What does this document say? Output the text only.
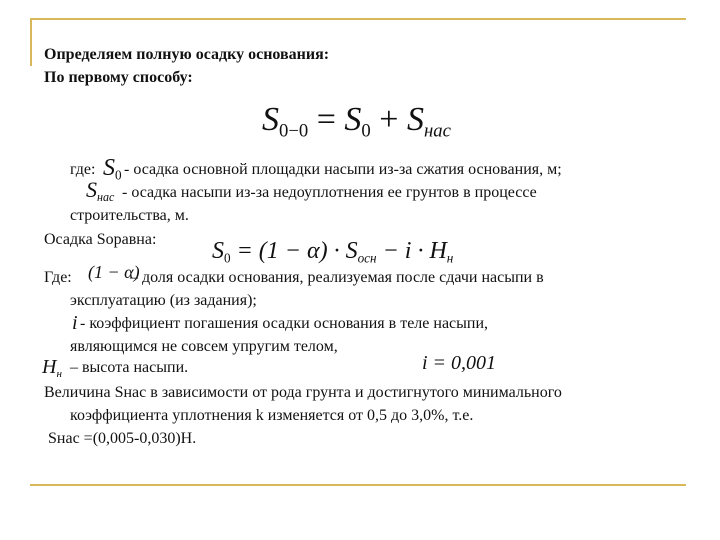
Определяем полную осадку основания:
По первому способу:
$S_{0-0} = S_0 + S_{нас}$
где: $S_0$ - осадка основной площадки насыпи из-за сжатия основания, м;
$S_{нас}$ - осадка насыпи из-за недоуплотнения ее грунтов в процессе
строительства, м.
Осадка Sоравна: $S_0 = (1 - \alpha) \cdot S_{осн} - i \cdot H_н$
Где: (1 − α)
– доля осадки основания, реализуемая после сдачи насыпи в
эксплуатацию (из задания);
i - коэффициент погашения осадки основания в теле насыпи,
являющимся не совсем упругим телом,
$H_н$ – высота насыпи.	i = 0,001
Величина Sнас в зависимости от рода грунта и достигнутого минимального
коэффициента уплотнения k изменяется от 0,5 до 3,0%, т.е.
Sнас =(0,005-0,030)Н.
